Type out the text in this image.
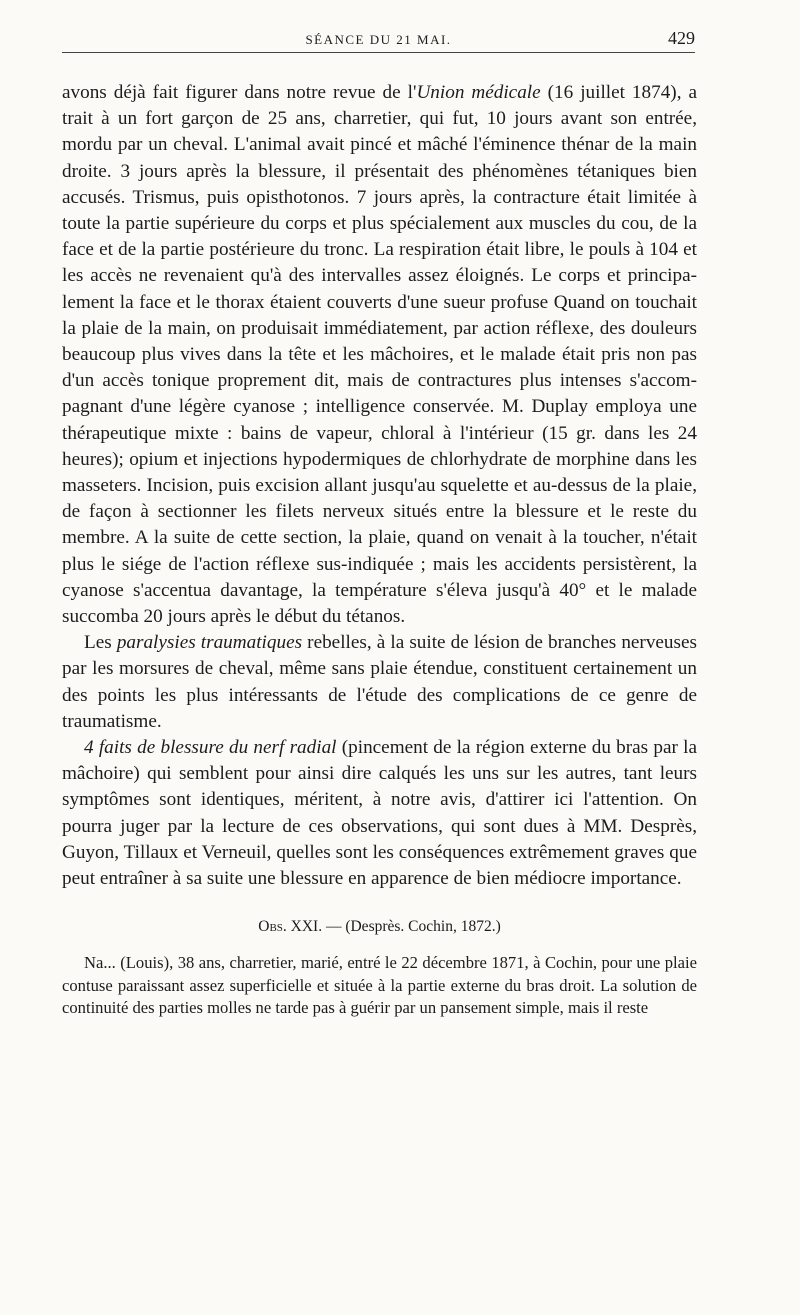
SÉANCE DU 21 MAI.	429

avons déjà fait figurer dans notre revue de l'Union médicale (16 juillet 1874), a trait à un fort garçon de 25 ans, charretier, qui fut, 10 jours avant son entrée, mordu par un cheval. L'animal avait pincé et mâché l'éminence thénar de la main droite. 3 jours après la blessure, il présentait des phénomènes tétaniques bien accusés. Trismus, puis opisthotonos. 7 jours après, la contracture était limitée à toute la partie supérieure du corps et plus spécialement aux muscles du cou, de la face et de la partie postérieure du tronc. La respiration était libre, le pouls à 104 et les accès ne revenaient qu'à des intervalles assez éloignés. Le corps et principalement la face et le thorax étaient couverts d'une sueur profuse Quand on touchait la plaie de la main, on produisait immédiatement, par action réflexe, des douleurs beaucoup plus vives dans la tête et les mâchoires, et le malade était pris non pas d'un accès tonique proprement dit, mais de contractures plus intenses s'accompagnant d'une légère cyanose ; intelligence conservée. M. Duplay employa une thérapeutique mixte : bains de vapeur, chloral à l'intérieur (15 gr. dans les 24 heures); opium et injections hypodermiques de chlorhydrate de morphine dans les masseters. Incision, puis excision allant jusqu'au squelette et au-dessus de la plaie, de façon à sectionner les filets nerveux situés entre la blessure et le reste du membre. A la suite de cette section, la plaie, quand on venait à la toucher, n'était plus le siége de l'action réflexe sus-indiquée ; mais les accidents persistèrent, la cyanose s'accentua davantage, la température s'éleva jusqu'à 40° et le malade succomba 20 jours après le début du tétanos.

Les paralysies traumatiques rebelles, à la suite de lésion de branches nerveuses par les morsures de cheval, même sans plaie étendue, constituent certainement un des points les plus intéressants de l'étude des complications de ce genre de traumatisme.

4 faits de blessure du nerf radial (pincement de la région externe du bras par la mâchoire) qui semblent pour ainsi dire calqués les uns sur les autres, tant leurs symptômes sont identiques, méritent, à notre avis, d'attirer ici l'attention. On pourra juger par la lecture de ces observations, qui sont dues à MM. Desprès, Guyon, Tillaux et Verneuil, quelles sont les conséquences extrêmement graves que peut entraîner à sa suite une blessure en apparence de bien médiocre importance.

Obs. XXI. — (Desprès. Cochin, 1872.)

Na... (Louis), 38 ans, charretier, marié, entré le 22 décembre 1871, à Cochin, pour une plaie contuse paraissant assez superficielle et située à la partie externe du bras droit. La solution de continuité des parties molles ne tarde pas à guérir par un pansement simple, mais il reste
